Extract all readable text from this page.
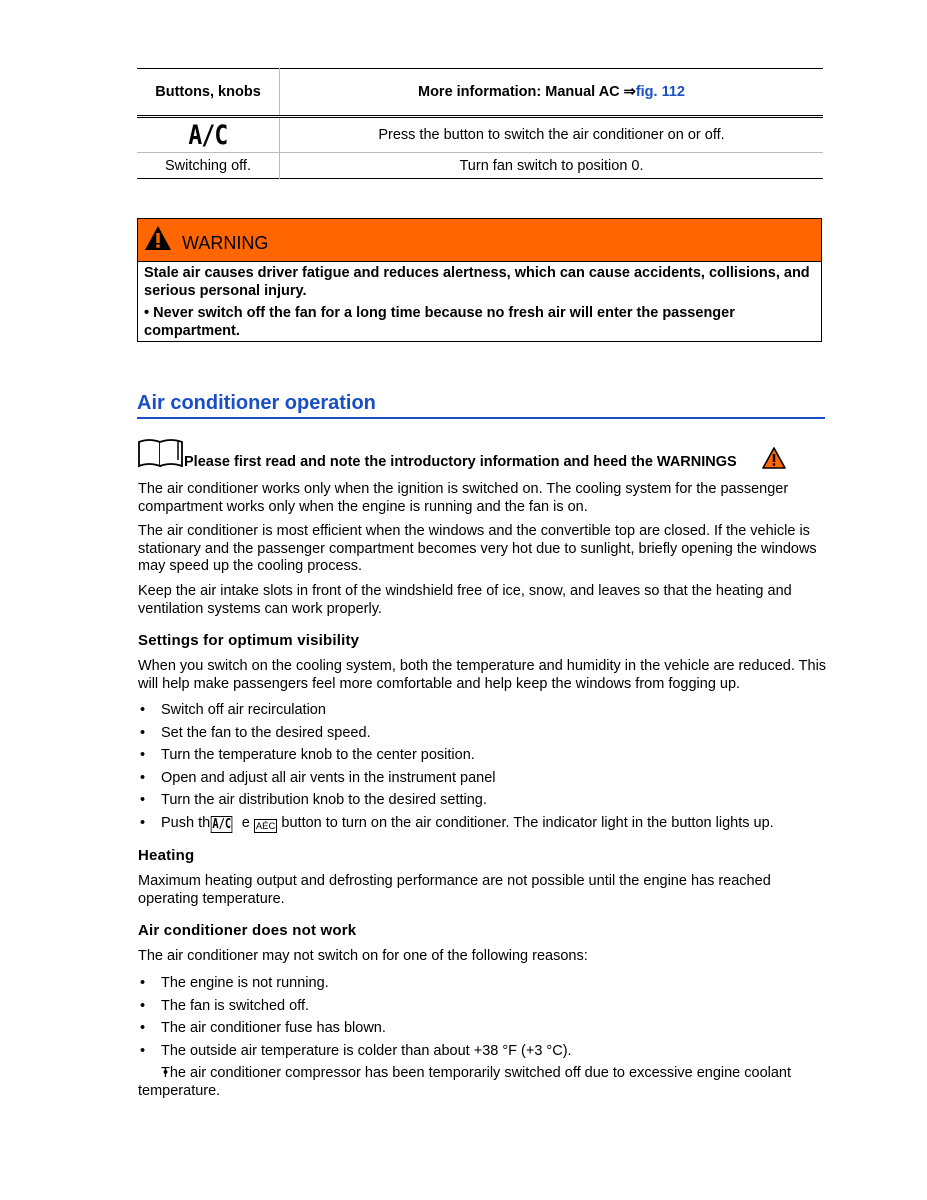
Buttons, knobs	More information: Manual AC ⇒fig. 112
A/C	Press the button to switch the air conditioner on or off.
Switching off.	Turn fan switch to position 0.
WARNING

Stale air causes driver fatigue and reduces alertness, which can cause accidents, collisions, and serious personal injury.

• Never switch off the fan for a long time because no fresh air will enter the passenger compartment.

Air conditioner operation
Please first read and note the introductory information and heed the WARNINGS

The air conditioner works only when the ignition is switched on. The cooling system for the passenger compartment works only when the engine is running and the fan is on.

The air conditioner is most efficient when the windows and the convertible top are closed. If the vehicle is stationary and the passenger compartment becomes very hot due to sunlight, briefly opening the windows may speed up the cooling process.

Keep the air intake slots in front of the windshield free of ice, snow, and leaves so that the heating and ventilation systems can work properly.

Settings for optimum visibility

When you switch on the cooling system, both the temperature and humidity in the vehicle are reduced. This will help make passengers feel more comfortable and help keep the windows from fogging up.

• Switch off air recirculation
• Set the fan to the desired speed.
• Turn the temperature knob to the center position.
• Open and adjust all air vents in the instrument panel
• Turn the air distribution knob to the desired setting.
• Push th A/C e AÉC button to turn on the air conditioner. The indicator light in the button lights up.
Heating

Maximum heating output and defrosting performance are not possible until the engine has reached operating temperature.

Air conditioner does not work

The air conditioner may not switch on for one of the following reasons:

• The engine is not running.
• The fan is switched off.
• The air conditioner fuse has blown.
• The outside air temperature is colder than about +38 °F (+3 °C).
• The air conditioner compressor has been temporarily switched off due to excessive engine coolant temperature.
